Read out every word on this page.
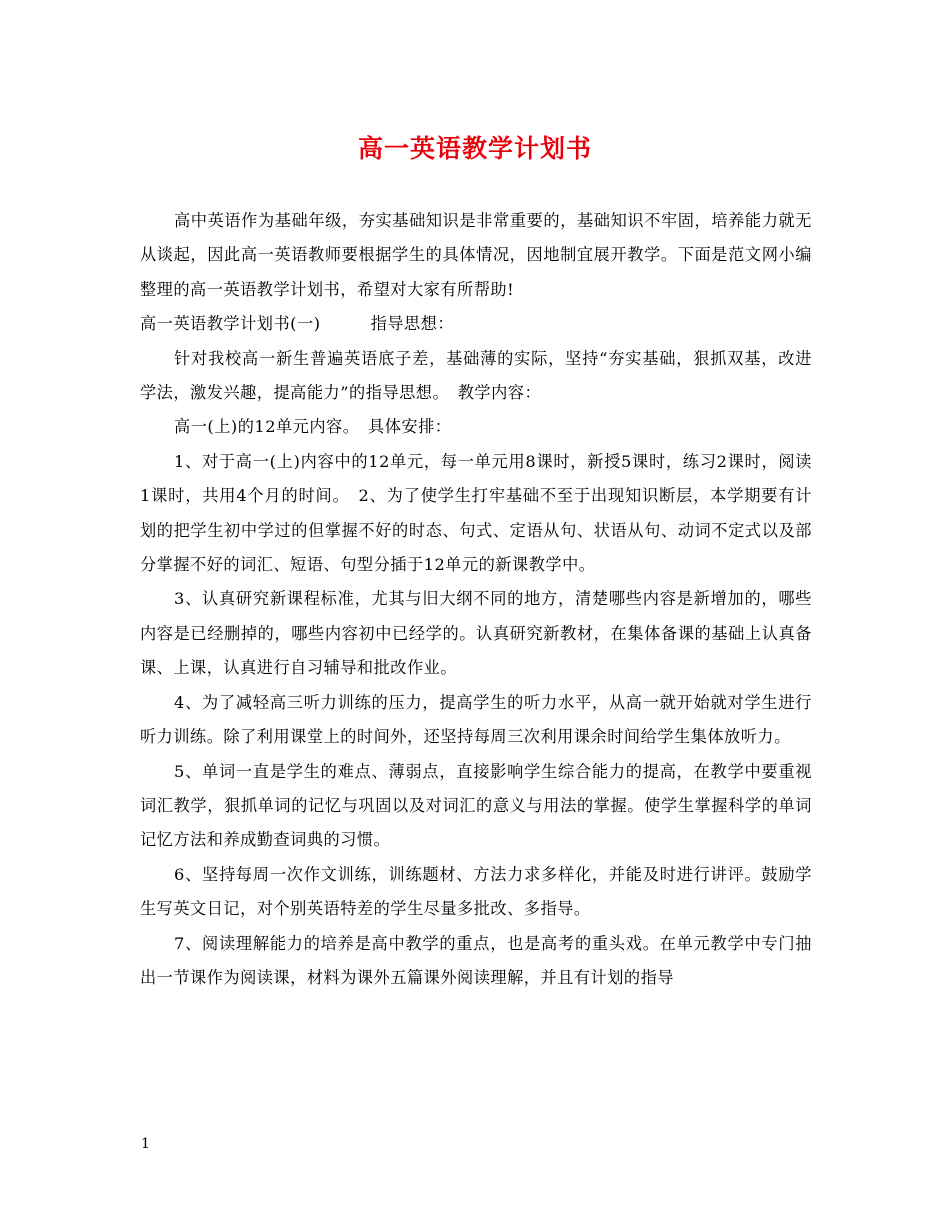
高一英语教学计划书

高中英语作为基础年级，夯实基础知识是非常重要的，基础知识不牢固，培养能力就无从谈起，因此高一英语教师要根据学生的具体情况，因地制宜展开教学。下面是范文网小编整理的高一英语教学计划书，希望对大家有所帮助!

高一英语教学计划书(一)　　　指导思想：

针对我校高一新生普遍英语底子差，基础薄的实际，坚持“夯实基础，狠抓双基，改进学法，激发兴趣，提高能力”的指导思想。　教学内容：

高一(上)的12单元内容。　具体安排：

1、对于高一(上)内容中的12单元，每一单元用8课时，新授5课时，练习2课时，阅读1课时，共用4个月的时间。　2、为了使学生打牢基础不至于出现知识断层，本学期要有计划的把学生初中学过的但掌握不好的时态、句式、定语从句、状语从句、动词不定式以及部分掌握不好的词汇、短语、句型分插于12单元的新课教学中。

3、认真研究新课程标准，尤其与旧大纲不同的地方，清楚哪些内容是新增加的，哪些内容是已经删掉的，哪些内容初中已经学的。认真研究新教材，在集体备课的基础上认真备课、上课，认真进行自习辅导和批改作业。

4、为了减轻高三听力训练的压力，提高学生的听力水平，从高一就开始就对学生进行听力训练。除了利用课堂上的时间外，还坚持每周三次利用课余时间给学生集体放听力。

5、单词一直是学生的难点、薄弱点，直接影响学生综合能力的提高，在教学中要重视词汇教学，狠抓单词的记忆与巩固以及对词汇的意义与用法的掌握。使学生掌握科学的单词记忆方法和养成勤查词典的习惯。

6、坚持每周一次作文训练，训练题材、方法力求多样化，并能及时进行讲评。鼓励学生写英文日记，对个别英语特差的学生尽量多批改、多指导。

7、阅读理解能力的培养是高中教学的重点，也是高考的重头戏。在单元教学中专门抽出一节课作为阅读课，材料为课外五篇课外阅读理解，并且有计划的指导

1
